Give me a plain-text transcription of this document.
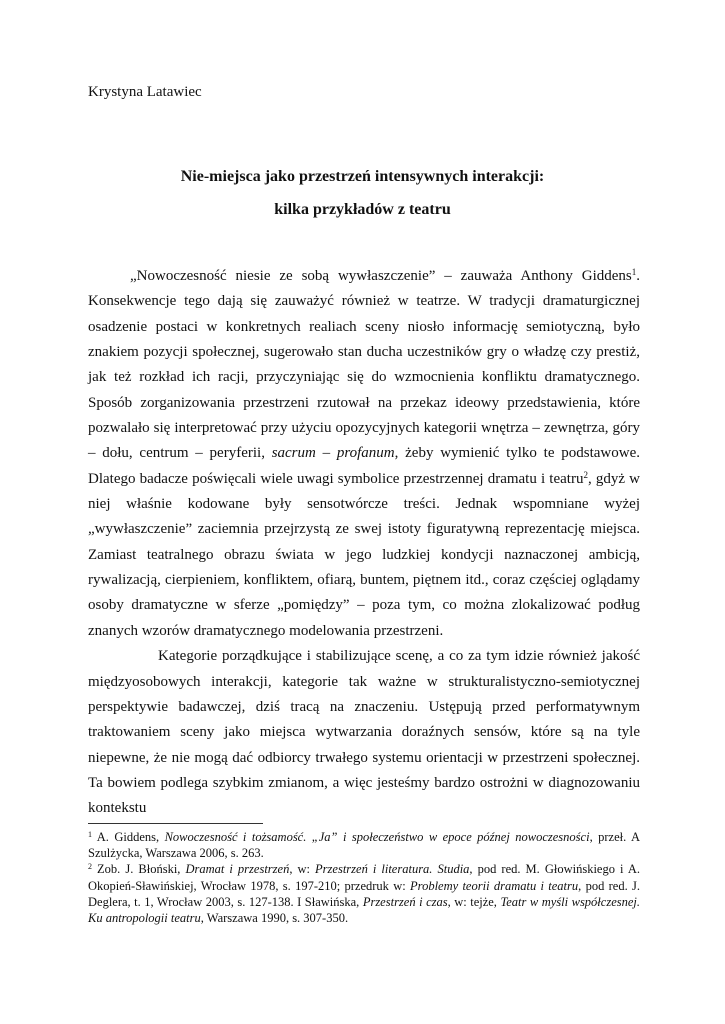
Krystyna Latawiec
Nie-miejsca jako przestrzeń intensywnych interakcji:
kilka przykładów z teatru

„Nowoczesność niesie ze sobą wywłaszczenie” – zauważa Anthony Giddens$^1$. Konsekwencje tego dają się zauważyć również w teatrze. W tradycji dramaturgicznej osadzenie postaci w konkretnych realiach sceny niosło informację semiotyczną, było znakiem pozycji społecznej, sugerowało stan ducha uczestników gry o władzę czy prestiż, jak też rozkład ich racji, przyczyniając się do wzmocnienia konfliktu dramatycznego. Sposób zorganizowania przestrzeni rzutował na przekaz ideowy przedstawienia, które pozwalało się interpretować przy użyciu opozycyjnych kategorii wnętrza – zewnętrza, góry – dołu, centrum – peryferii, sacrum – profanum, żeby wymienić tylko te podstawowe. Dlatego badacze poświęcali wiele uwagi symbolice przestrzennej dramatu i teatru$^2$, gdyż w niej właśnie kodowane były sensotwórcze treści. Jednak wspomniane wyżej „wywłaszczenie” zaciemnia przejrzystą ze swej istoty figuratywną reprezentację miejsca. Zamiast teatralnego obrazu świata w jego ludzkiej kondycji naznaczonej ambicją, rywalizacją, cierpieniem, konfliktem, ofiarą, buntem, piętnem itd., coraz częściej oglądamy osoby dramatyczne w sferze „pomiędzy” – poza tym, co można zlokalizować podług znanych wzorów dramatycznego modelowania przestrzeni.

Kategorie porządkujące i stabilizujące scenę, a co za tym idzie również jakość międzyosobowych interakcji, kategorie tak ważne w strukturalistyczno-semiotycznej perspektywie badawczej, dziś tracą na znaczeniu. Ustępują przed performatywnym traktowaniem sceny jako miejsca wytwarzania doraźnych sensów, które są na tyle niepewne, że nie mogą dać odbiorcy trwałego systemu orientacji w przestrzeni społecznej. Ta bowiem podlega szybkim zmianom, a więc jesteśmy bardzo ostrożni w diagnozowaniu kontekstu

$^1$ A. Giddens, Nowoczesność i tożsamość. „Ja” i społeczeństwo w epoce późnej nowoczesności, przeł. A Szulżycka, Warszawa 2006, s. 263.

$^2$ Zob. J. Błoński, Dramat i przestrzeń, w: Przestrzeń i literatura. Studia, pod red. M. Głowińskiego i A. Okopień-Sławińskiej, Wrocław 1978, s. 197-210; przedruk w: Problemy teorii dramatu i teatru, pod red. J. Deglera, t. 1, Wrocław 2003, s. 127-138. I Sławińska, Przestrzeń i czas, w: tejże, Teatr w myśli współczesnej. Ku antropologii teatru, Warszawa 1990, s. 307-350.
